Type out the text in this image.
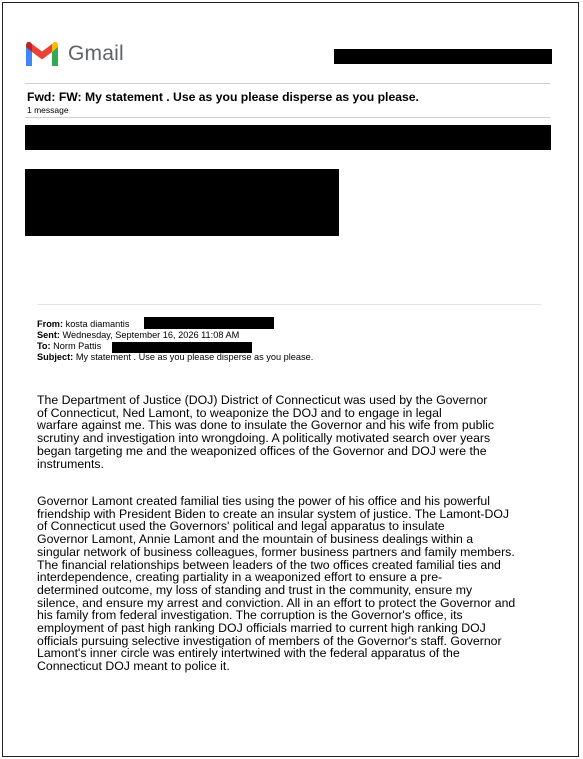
Gmail
Fwd: FW: My statement . Use as you please disperse as you please.
1 message
From: kosta diamantis
Sent: Wednesday, September 16, 2026 11:08 AM
To: Norm Pattis
Subject: My statement . Use as you please disperse as you please.

The Department of Justice (DOJ) District of Connecticut was used by the Governor

of Connecticut, Ned Lamont, to weaponize the DOJ and to engage in legal

warfare against me. This was done to insulate the Governor and his wife from public

scrutiny and investigation into wrongdoing. A politically motivated search over years

began targeting me and the weaponized offices of the Governor and DOJ were the

instruments.

Governor Lamont created familial ties using the power of his office and his powerful

friendship with President Biden to create an insular system of justice. The Lamont-DOJ

of Connecticut used the Governors' political and legal apparatus to insulate

Governor Lamont, Annie Lamont and the mountain of business dealings within a

singular network of business colleagues, former business partners and family members.

The financial relationships between leaders of the two offices created familial ties and

interdependence, creating partiality in a weaponized effort to ensure a pre-

determined outcome, my loss of standing and trust in the community, ensure my

silence, and ensure my arrest and conviction. All in an effort to protect the Governor and

his family from federal investigation. The corruption is the Governor's office, its

employment of past high ranking DOJ officials married to current high ranking DOJ

officials pursuing selective investigation of members of the Governor's staff. Governor

Lamont's inner circle was entirely intertwined with the federal apparatus of the

Connecticut DOJ meant to police it.
